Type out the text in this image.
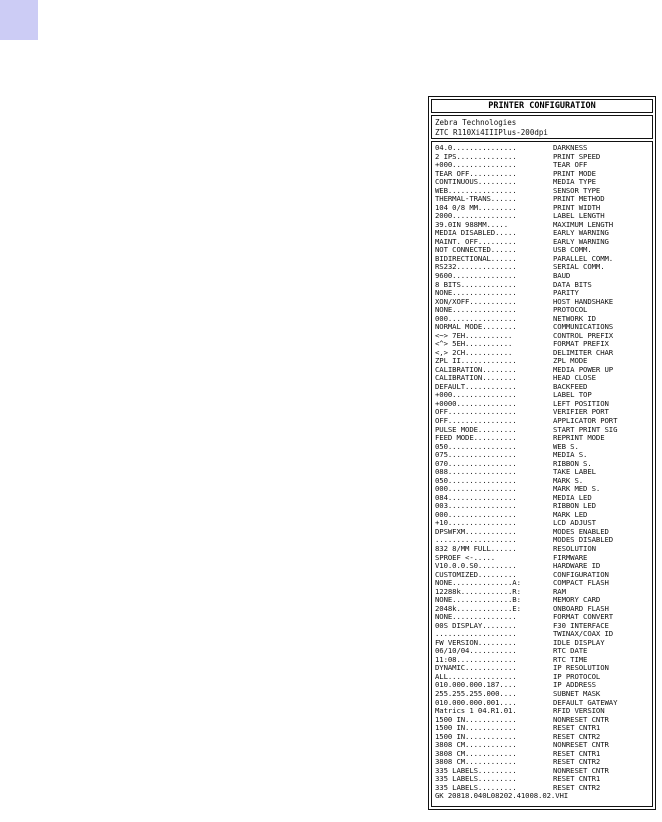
PRINTER CONFIGURATION
Zebra Technologies
ZTC R110Xi4IIIPlus-200dpi
04.0...............	DARKNESS
2 IPS..............	PRINT SPEED
+000...............	TEAR OFF
TEAR OFF...........	PRINT MODE
CONTINUOUS.........	MEDIA TYPE
WEB................	SENSOR TYPE
THERMAL-TRANS......	PRINT METHOD
104 0/8 MM.........	PRINT WIDTH
2000...............	LABEL LENGTH
39.0IN 988MM.....	MAXIMUM LENGTH
MEDIA DISABLED.....	EARLY WARNING
MAINT. OFF.........	EARLY WARNING
NOT CONNECTED......	USB COMM.
BIDIRECTIONAL......	PARALLEL COMM.
RS232..............	SERIAL COMM.
9600...............	BAUD
8 BITS.............	DATA BITS
NONE...............	PARITY
XON/XOFF...........	HOST HANDSHAKE
NONE...............	PROTOCOL
000................	NETWORK ID
NORMAL MODE........	COMMUNICATIONS
<~> 7EH...........	CONTROL PREFIX
<^> 5EH...........	FORMAT PREFIX
<,> 2CH...........	DELIMITER CHAR
ZPL II.............	ZPL MODE
CALIBRATION........	MEDIA POWER UP
CALIBRATION........	HEAD CLOSE
DEFAULT............	BACKFEED
+000...............	LABEL TOP
+0000..............	LEFT POSITION
OFF................	VERIFIER PORT
OFF................	APPLICATOR PORT
PULSE MODE.........	START PRINT SIG
FEED MODE..........	REPRINT MODE
050................	WEB S.
075................	MEDIA S.
070................	RIBBON S.
088................	TAKE LABEL
050................	MARK S.
000................	MARK MED S.
084................	MEDIA LED
003................	RIBBON LED
000................	MARK LED
+10................	LCD ADJUST
DPSWFXM............	MODES ENABLED
...................	MODES DISABLED
832 8/MM FULL......	RESOLUTION
SPROEF <-.....	FIRMWARE
V10.0.0.S0.........	HARDWARE ID
CUSTOMIZED.........	CONFIGURATION
NONE..............A:	COMPACT FLASH
12288k............R:	RAM
NONE..............B:	MEMORY CARD
2048k.............E:	ONBOARD FLASH
NONE...............	FORMAT CONVERT
00S DISPLAY........	F30 INTERFACE
...................	TWINAX/COAX ID
FW VERSION.........	IDLE DISPLAY
06/10/04...........	RTC DATE
11:08..............	RTC TIME
DYNAMIC............	IP RESOLUTION
ALL................	IP PROTOCOL
010.000.000.187....	IP ADDRESS
255.255.255.000....	SUBNET MASK
010.000.000.001....	DEFAULT GATEWAY
Matrics 1 04.R1.01.	RFID VERSION
1500 IN............	NONRESET CNTR
1500 IN............	RESET CNTR1
1500 IN............	RESET CNTR2
3808 CM............	NONRESET CNTR
3808 CM............	RESET CNTR1
3808 CM............	RESET CNTR2
335 LABELS.........	NONRESET CNTR
335 LABELS.........	RESET CNTR1
335 LABELS.........	RESET CNTR2
GK 20818.040L08202.41008.02.VHI
